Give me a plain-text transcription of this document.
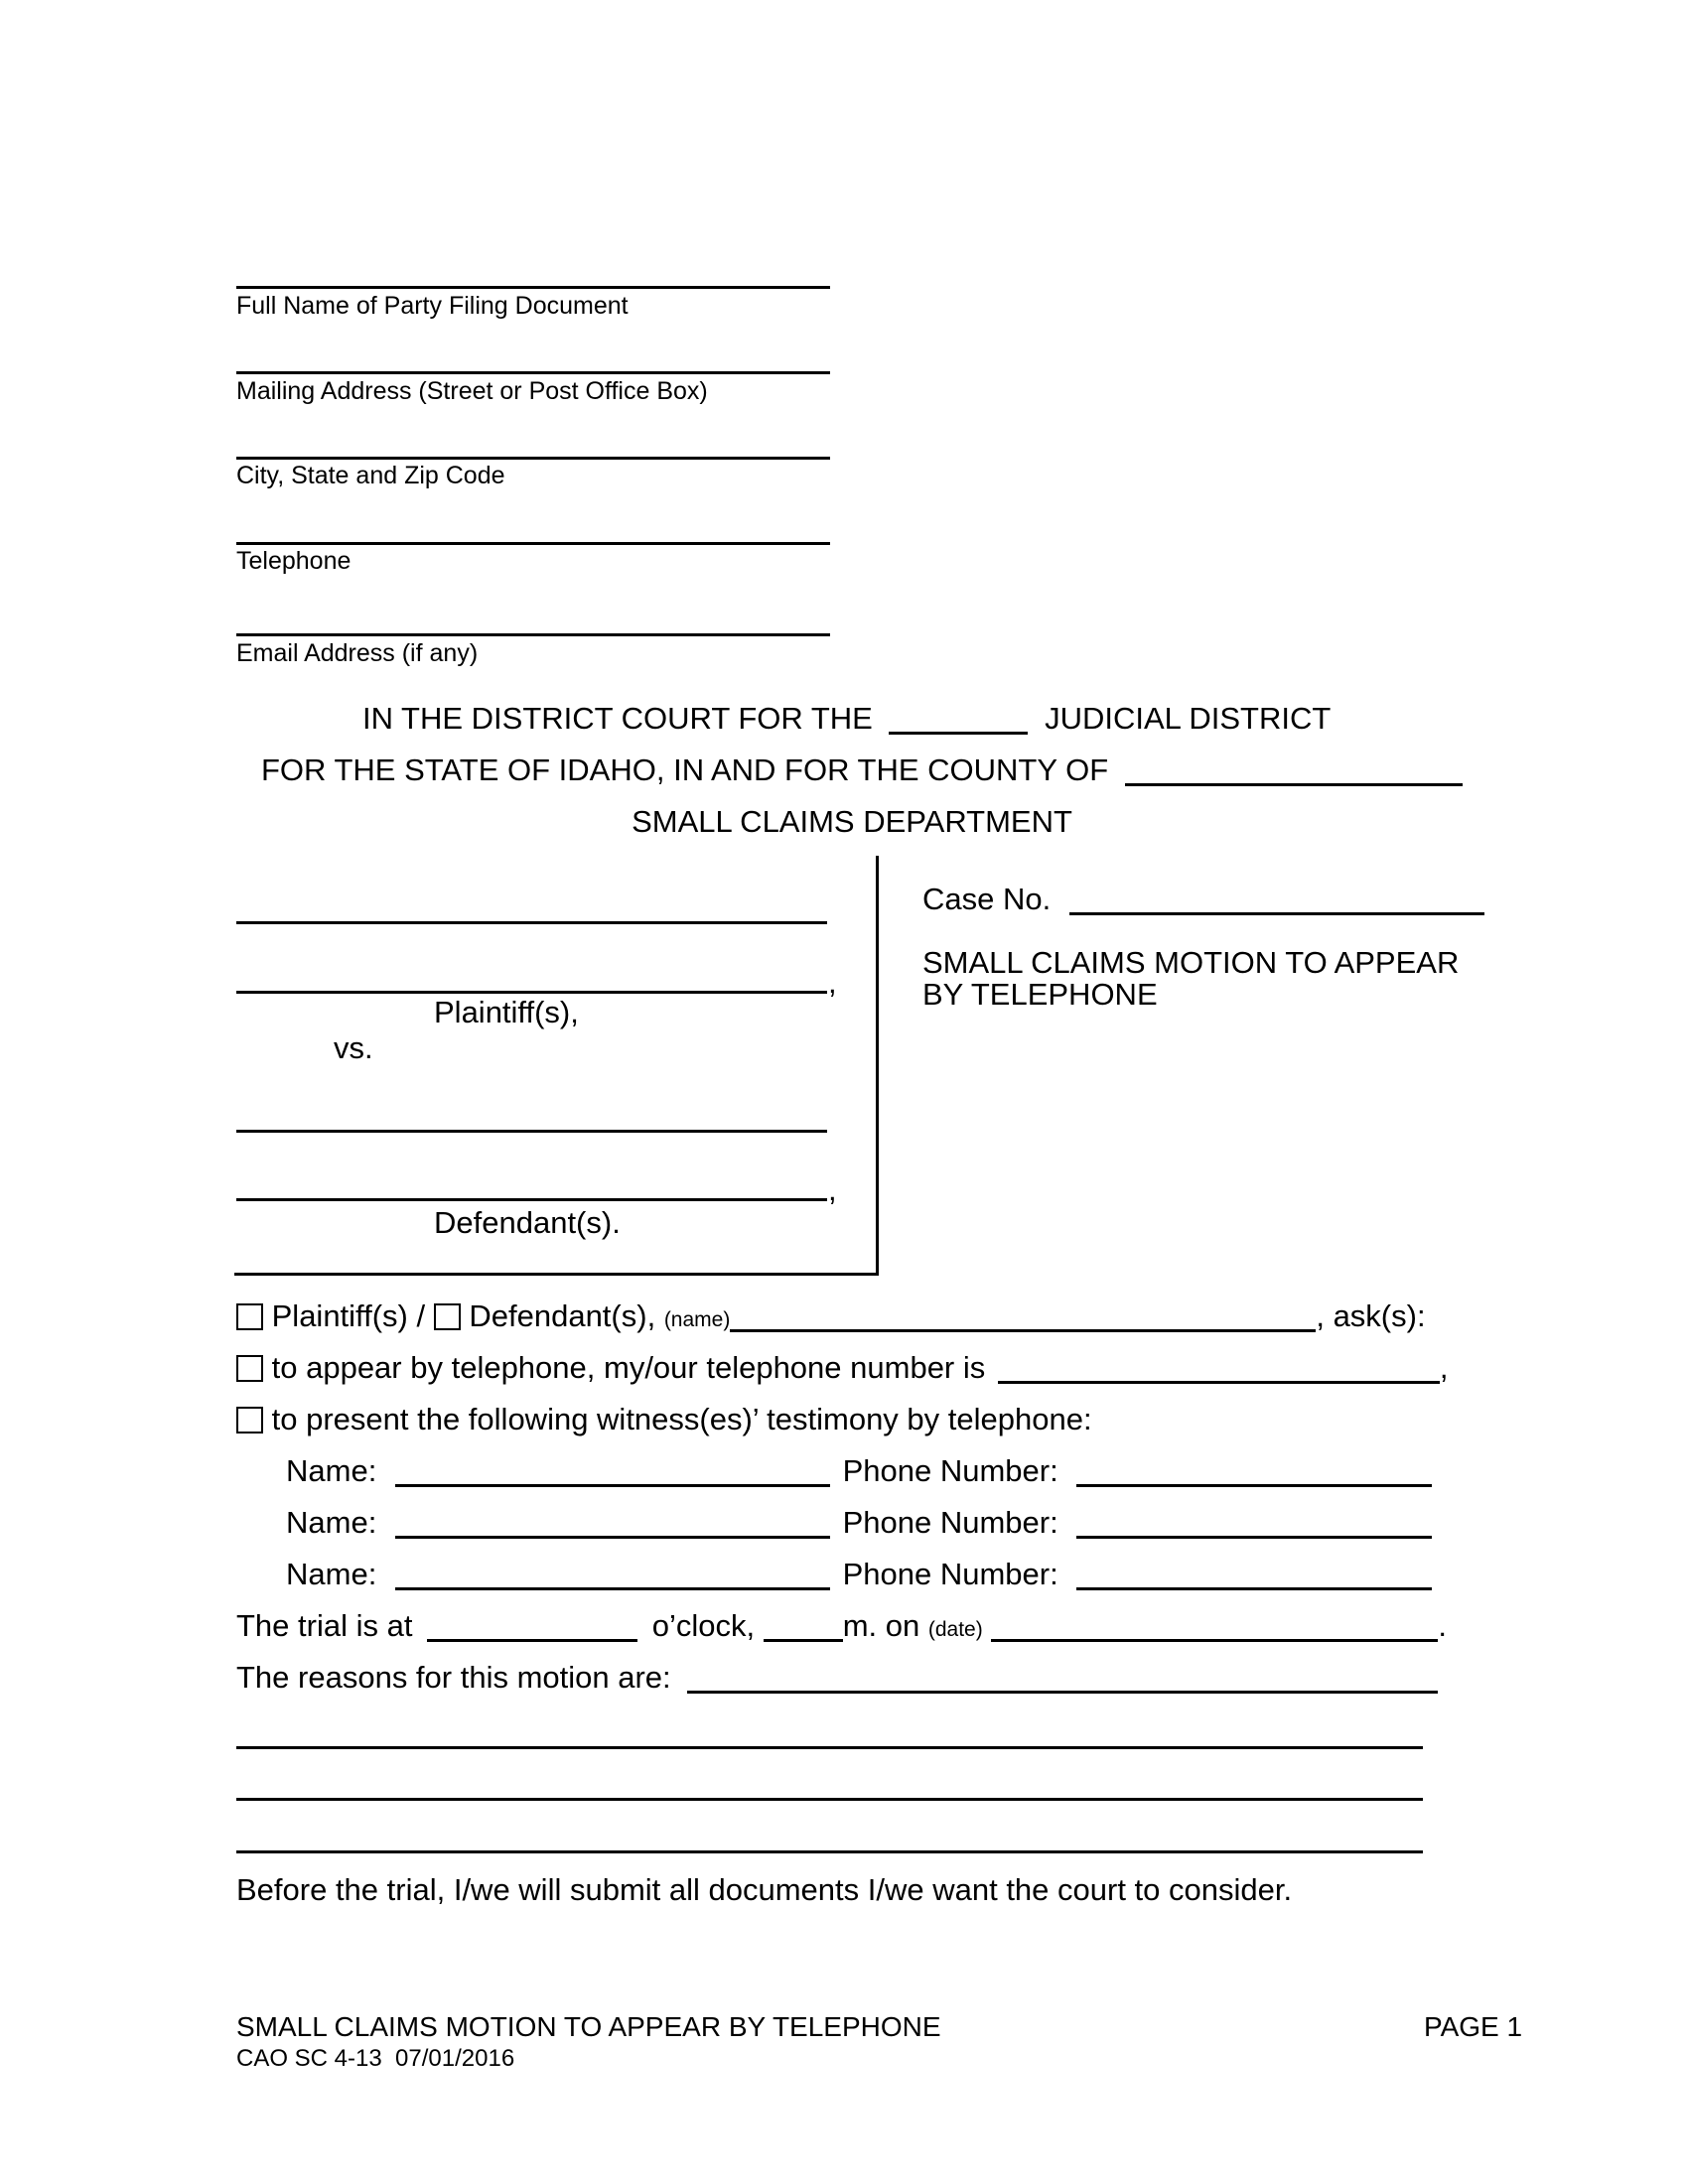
Full Name of Party Filing Document
Mailing Address (Street or Post Office Box)
City, State and Zip Code
Telephone
Email Address (if any)
IN THE DISTRICT COURT FOR THE	JUDICIAL DISTRICT
FOR THE STATE OF IDAHO, IN AND FOR THE COUNTY OF
SMALL CLAIMS DEPARTMENT
,
Plaintiff(s),
vs.
,
Defendant(s).
Case No.
SMALL CLAIMS MOTION TO APPEAR
BY TELEPHONE
Plaintiff(s) / Defendant(s), (name)	, ask(s):
to appear by telephone, my/our telephone number is	,
to present the following witness(es)’ testimony by telephone:
Name:	Phone Number:
Name:	Phone Number:
Name:	Phone Number:
The trial is at	o’clock,	m. on (date)	.
The reasons for this motion are:
Before the trial, I/we will submit all documents I/we want the court to consider.
SMALL CLAIMS MOTION TO APPEAR BY TELEPHONE
CAO SC 4-13  07/01/2016
PAGE 1
